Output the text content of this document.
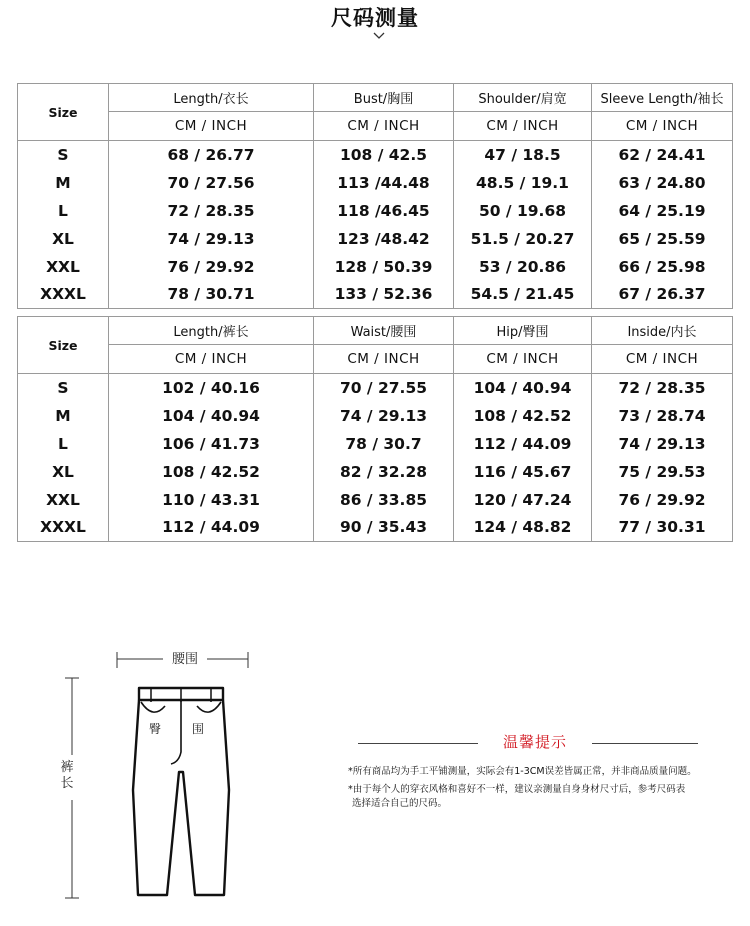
尺码测量
Size	Length/衣长	Bust/胸围	Shoulder/肩宽	Sleeve Length/袖长
	CM / INCH	CM / INCH	CM / INCH	CM / INCH
S	68 / 26.77	108 / 42.5	47 / 18.5	62 / 24.41
M	70 / 27.56	113 /44.48	48.5 / 19.1	63 / 24.80
L	72 / 28.35	118 /46.45	50 / 19.68	64 / 25.19
XL	74 / 29.13	123 /48.42	51.5 / 20.27	65 / 25.59
XXL	76 / 29.92	128 / 50.39	53 / 20.86	66 / 25.98
XXXL	78 / 30.71	133 / 52.36	54.5 / 21.45	67 / 26.37
Size	Length/裤长	Waist/腰围	Hip/臀围	Inside/内长
	CM / INCH	CM / INCH	CM / INCH	CM / INCH
S	102 / 40.16	70 / 27.55	104 / 40.94	72 / 28.35
M	104 / 40.94	74 / 29.13	108 / 42.52	73 / 28.74
L	106 / 41.73	78 / 30.7	112 / 44.09	74 / 29.13
XL	108 / 42.52	82 / 32.28	116 / 45.67	75 / 29.53
XXL	110 / 43.31	86 / 33.85	120 / 47.24	76 / 29.92
XXXL	112 / 44.09	90 / 35.43	124 / 48.82	77 / 30.31
腰围
裤长
臀	围
温馨提示
*所有商品均为手工平铺测量，实际会有1-3CM误差皆属正常，并非商品质量问题。
*由于每个人的穿衣风格和喜好不一样，建议亲测量自身身材尺寸后，参考尺码表
选择适合自己的尺码。
